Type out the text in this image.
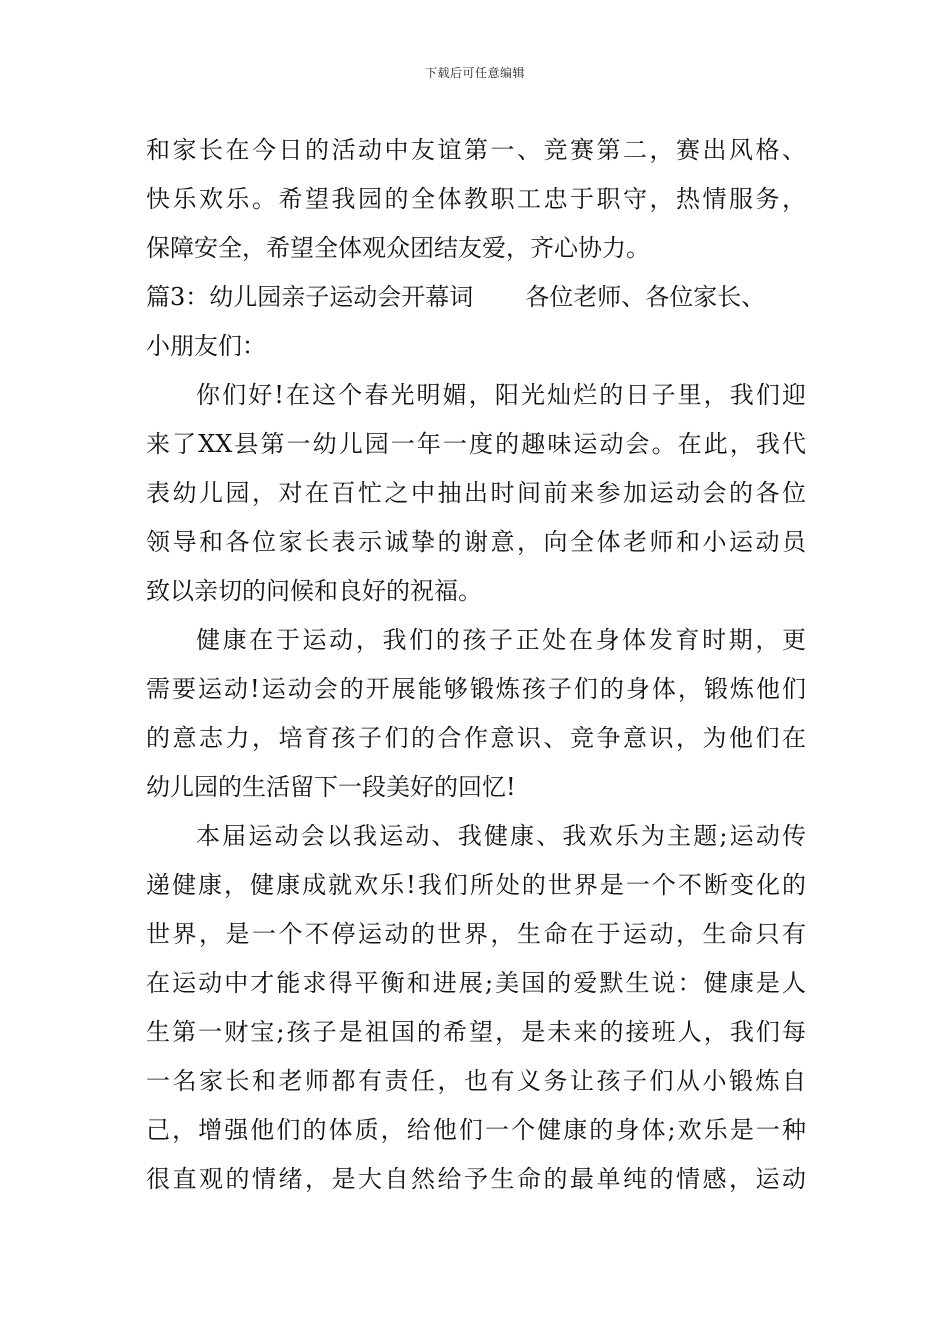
下载后可任意编辑
和家长在今日的活动中友谊第一、竞赛第二，赛出风格、
快乐欢乐。希望我园的全体教职工忠于职守，热情服务，
保障安全，希望全体观众团结友爱，齐心协力。
篇3：幼儿园亲子运动会开幕词 各位老师、各位家长、
小朋友们：
你们好!在这个春光明媚，阳光灿烂的日子里，我们迎
来了XX县第一幼儿园一年一度的趣味运动会。在此，我代
表幼儿园，对在百忙之中抽出时间前来参加运动会的各位
领导和各位家长表示诚挚的谢意，向全体老师和小运动员
致以亲切的问候和良好的祝福。
健康在于运动，我们的孩子正处在身体发育时期，更
需要运动!运动会的开展能够锻炼孩子们的身体，锻炼他们
的意志力，培育孩子们的合作意识、竞争意识，为他们在
幼儿园的生活留下一段美好的回忆!
本届运动会以我运动、我健康、我欢乐为主题;运动传
递健康，健康成就欢乐!我们所处的世界是一个不断变化的
世界，是一个不停运动的世界，生命在于运动，生命只有
在运动中才能求得平衡和进展;美国的爱默生说：健康是人
生第一财宝;孩子是祖国的希望，是未来的接班人，我们每
一名家长和老师都有责任，也有义务让孩子们从小锻炼自
己，增强他们的体质，给他们一个健康的身体;欢乐是一种
很直观的情绪，是大自然给予生命的最单纯的情感，运动
